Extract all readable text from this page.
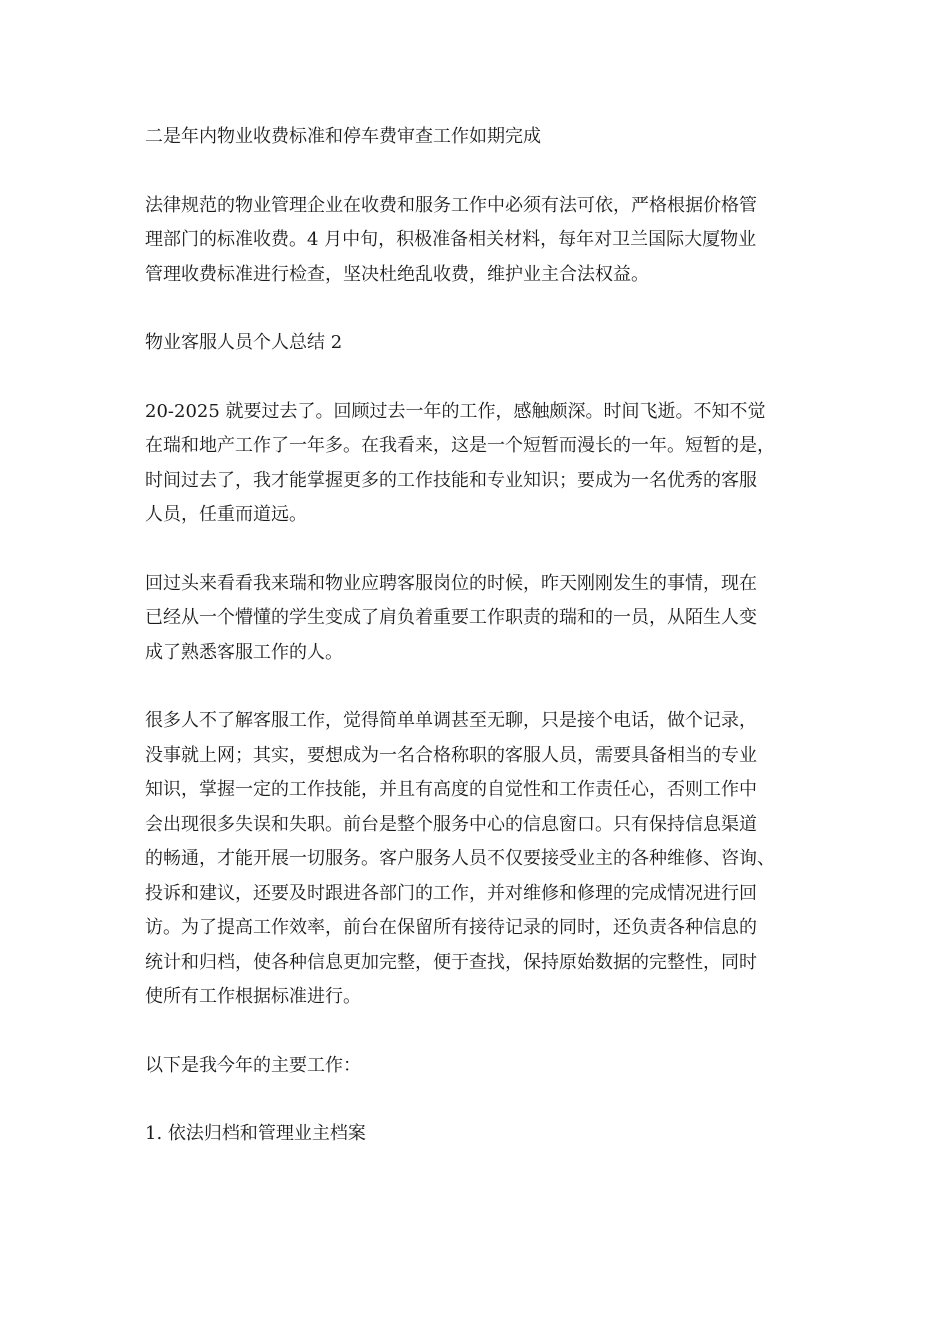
二是年内物业收费标准和停车费审查工作如期完成

法律规范的物业管理企业在收费和服务工作中必须有法可依，严格根据价格管
理部门的标准收费。4 月中旬，积极准备相关材料，每年对卫兰国际大厦物业
管理收费标准进行检查，坚决杜绝乱收费，维护业主合法权益。

物业客服人员个人总结 2

20-2025 就要过去了。回顾过去一年的工作，感触颇深。时间飞逝。不知不觉
在瑞和地产工作了一年多。在我看来，这是一个短暂而漫长的一年。短暂的是，
时间过去了，我才能掌握更多的工作技能和专业知识；要成为一名优秀的客服
人员，任重而道远。

回过头来看看我来瑞和物业应聘客服岗位的时候，昨天刚刚发生的事情，现在
已经从一个懵懂的学生变成了肩负着重要工作职责的瑞和的一员，从陌生人变
成了熟悉客服工作的人。

很多人不了解客服工作，觉得简单单调甚至无聊，只是接个电话，做个记录，
没事就上网；其实，要想成为一名合格称职的客服人员，需要具备相当的专业
知识，掌握一定的工作技能，并且有高度的自觉性和工作责任心，否则工作中
会出现很多失误和失职。前台是整个服务中心的信息窗口。只有保持信息渠道
的畅通，才能开展一切服务。客户服务人员不仅要接受业主的各种维修、咨询、
投诉和建议，还要及时跟进各部门的工作，并对维修和修理的完成情况进行回
访。为了提高工作效率，前台在保留所有接待记录的同时，还负责各种信息的
统计和归档，使各种信息更加完整，便于查找，保持原始数据的完整性，同时
使所有工作根据标准进行。

以下是我今年的主要工作：

1. 依法归档和管理业主档案
